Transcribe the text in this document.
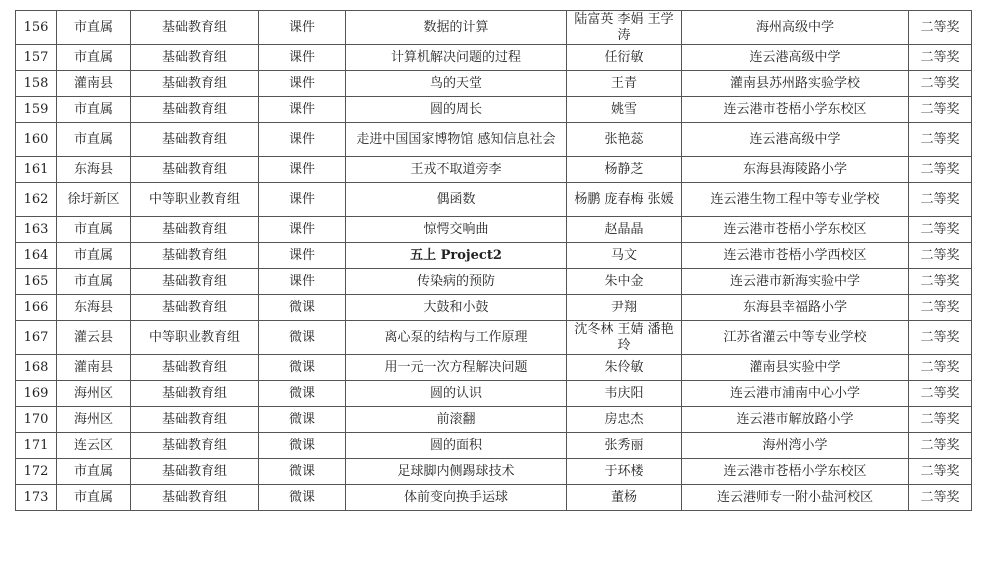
156	市直属	基础教育组	课件	数据的计算	陆富英 李娟 王学涛	海州高级中学	二等奖
157	市直属	基础教育组	课件	计算机解决问题的过程	任衍敏	连云港高级中学	二等奖
158	灌南县	基础教育组	课件	鸟的天堂	王青	灌南县苏州路实验学校	二等奖
159	市直属	基础教育组	课件	圆的周长	姚雪	连云港市苍梧小学东校区	二等奖
160	市直属	基础教育组	课件	走进中国国家博物馆 感知信息社会	张艳蕊	连云港高级中学	二等奖
161	东海县	基础教育组	课件	王戎不取道旁李	杨静芝	东海县海陵路小学	二等奖
162	徐圩新区	中等职业教育组	课件	偶函数	杨鹏 庞春梅 张媛	连云港生物工程中等专业学校	二等奖
163	市直属	基础教育组	课件	惊愕交响曲	赵晶晶	连云港市苍梧小学东校区	二等奖
164	市直属	基础教育组	课件	五上 Project2	马文	连云港市苍梧小学西校区	二等奖
165	市直属	基础教育组	课件	传染病的预防	朱中金	连云港市新海实验中学	二等奖
166	东海县	基础教育组	微课	大鼓和小鼓	尹翔	东海县幸福路小学	二等奖
167	灌云县	中等职业教育组	微课	离心泵的结构与工作原理	沈冬林 王婧 潘艳玲	江苏省灌云中等专业学校	二等奖
168	灌南县	基础教育组	微课	用一元一次方程解决问题	朱伶敏	灌南县实验中学	二等奖
169	海州区	基础教育组	微课	圆的认识	韦庆阳	连云港市浦南中心小学	二等奖
170	海州区	基础教育组	微课	前滚翻	房忠杰	连云港市解放路小学	二等奖
171	连云区	基础教育组	微课	圆的面积	张秀丽	海州湾小学	二等奖
172	市直属	基础教育组	微课	足球脚内侧踢球技术	于环楼	连云港市苍梧小学东校区	二等奖
173	市直属	基础教育组	微课	体前变向换手运球	董杨	连云港师专一附小盐河校区	二等奖
